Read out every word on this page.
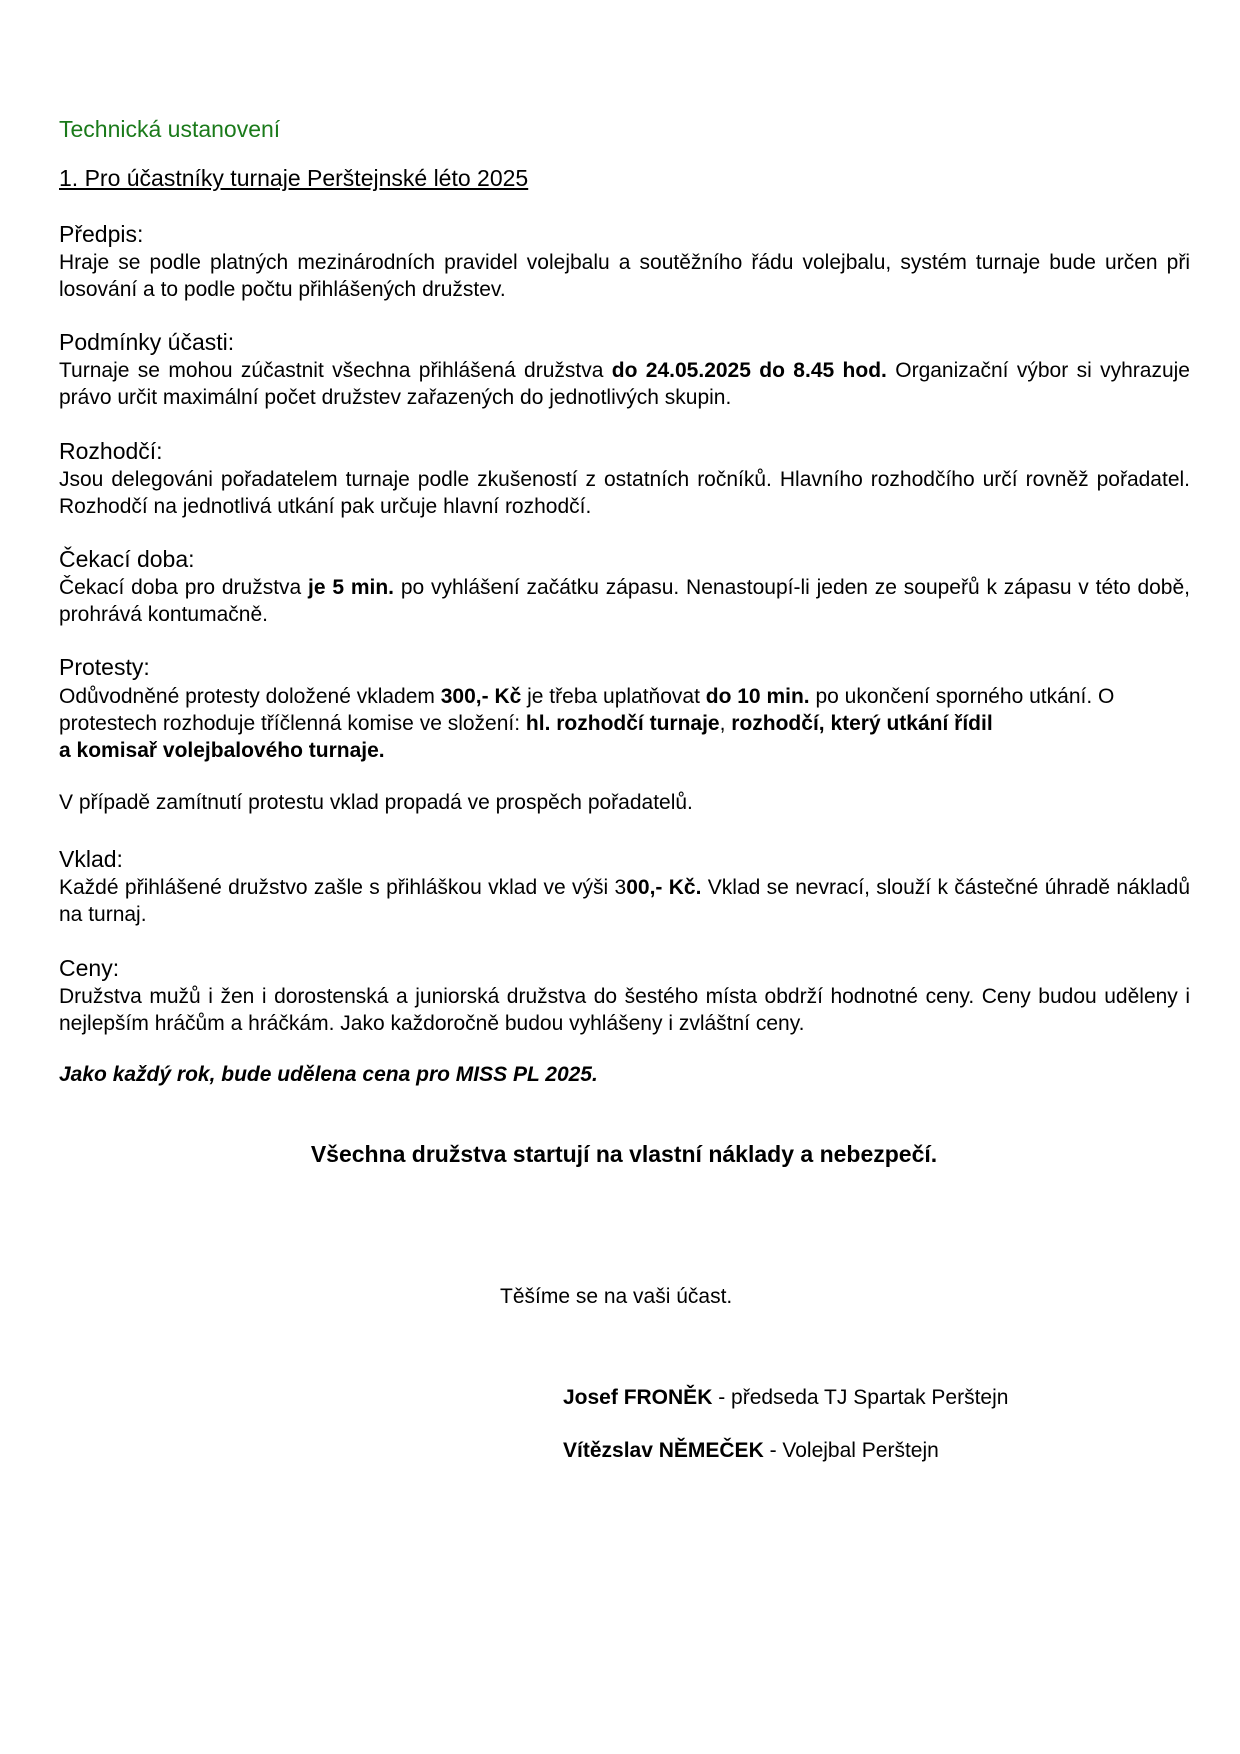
Technická ustanovení
1. Pro účastníky turnaje Perštejnské léto 2025
Předpis:

Hraje se podle platných mezinárodních pravidel volejbalu a soutěžního řádu volejbalu, systém turnaje bude určen při losování a to podle počtu přihlášených družstev.

Podmínky účasti:

Turnaje se mohou zúčastnit všechna přihlášená družstva do 24.05.2025 do 8.45 hod. Organizační výbor si vyhrazuje právo určit maximální počet družstev zařazených do jednotlivých skupin.

Rozhodčí:

Jsou delegováni pořadatelem turnaje podle zkušeností z ostatních ročníků. Hlavního rozhodčího určí rovněž pořadatel. Rozhodčí na jednotlivá utkání pak určuje hlavní rozhodčí.

Čekací doba:

Čekací doba pro družstva je 5 min. po vyhlášení začátku zápasu. Nenastoupí-li jeden ze soupeřů k zápasu v této době, prohrává kontumačně.

Protesty:

Odůvodněné protesty doložené vkladem 300,- Kč je třeba uplatňovat do 10 min. po ukončení sporného utkání. O protestech rozhoduje tříčlenná komise ve složení: hl. rozhodčí turnaje, rozhodčí, který utkání řídil
a komisař volejbalového turnaje.

V případě zamítnutí protestu vklad propadá ve prospěch pořadatelů.

Vklad:

Každé přihlášené družstvo zašle s přihláškou vklad ve výši 300,- Kč. Vklad se nevrací, slouží k částečné úhradě nákladů na turnaj.

Ceny:

Družstva mužů i žen i dorostenská a juniorská družstva do šestého místa obdrží hodnotné ceny. Ceny budou uděleny i nejlepším hráčům a hráčkám. Jako každoročně budou vyhlášeny i zvláštní ceny.

Jako každý rok, bude udělena cena pro MISS PL 2025.

Všechna družstva startují na vlastní náklady a nebezpečí.

Těšíme se na vaši účast.

Josef FRONĚK - předseda TJ Spartak Perštejn

Vítězslav NĚMEČEK - Volejbal Perštejn
